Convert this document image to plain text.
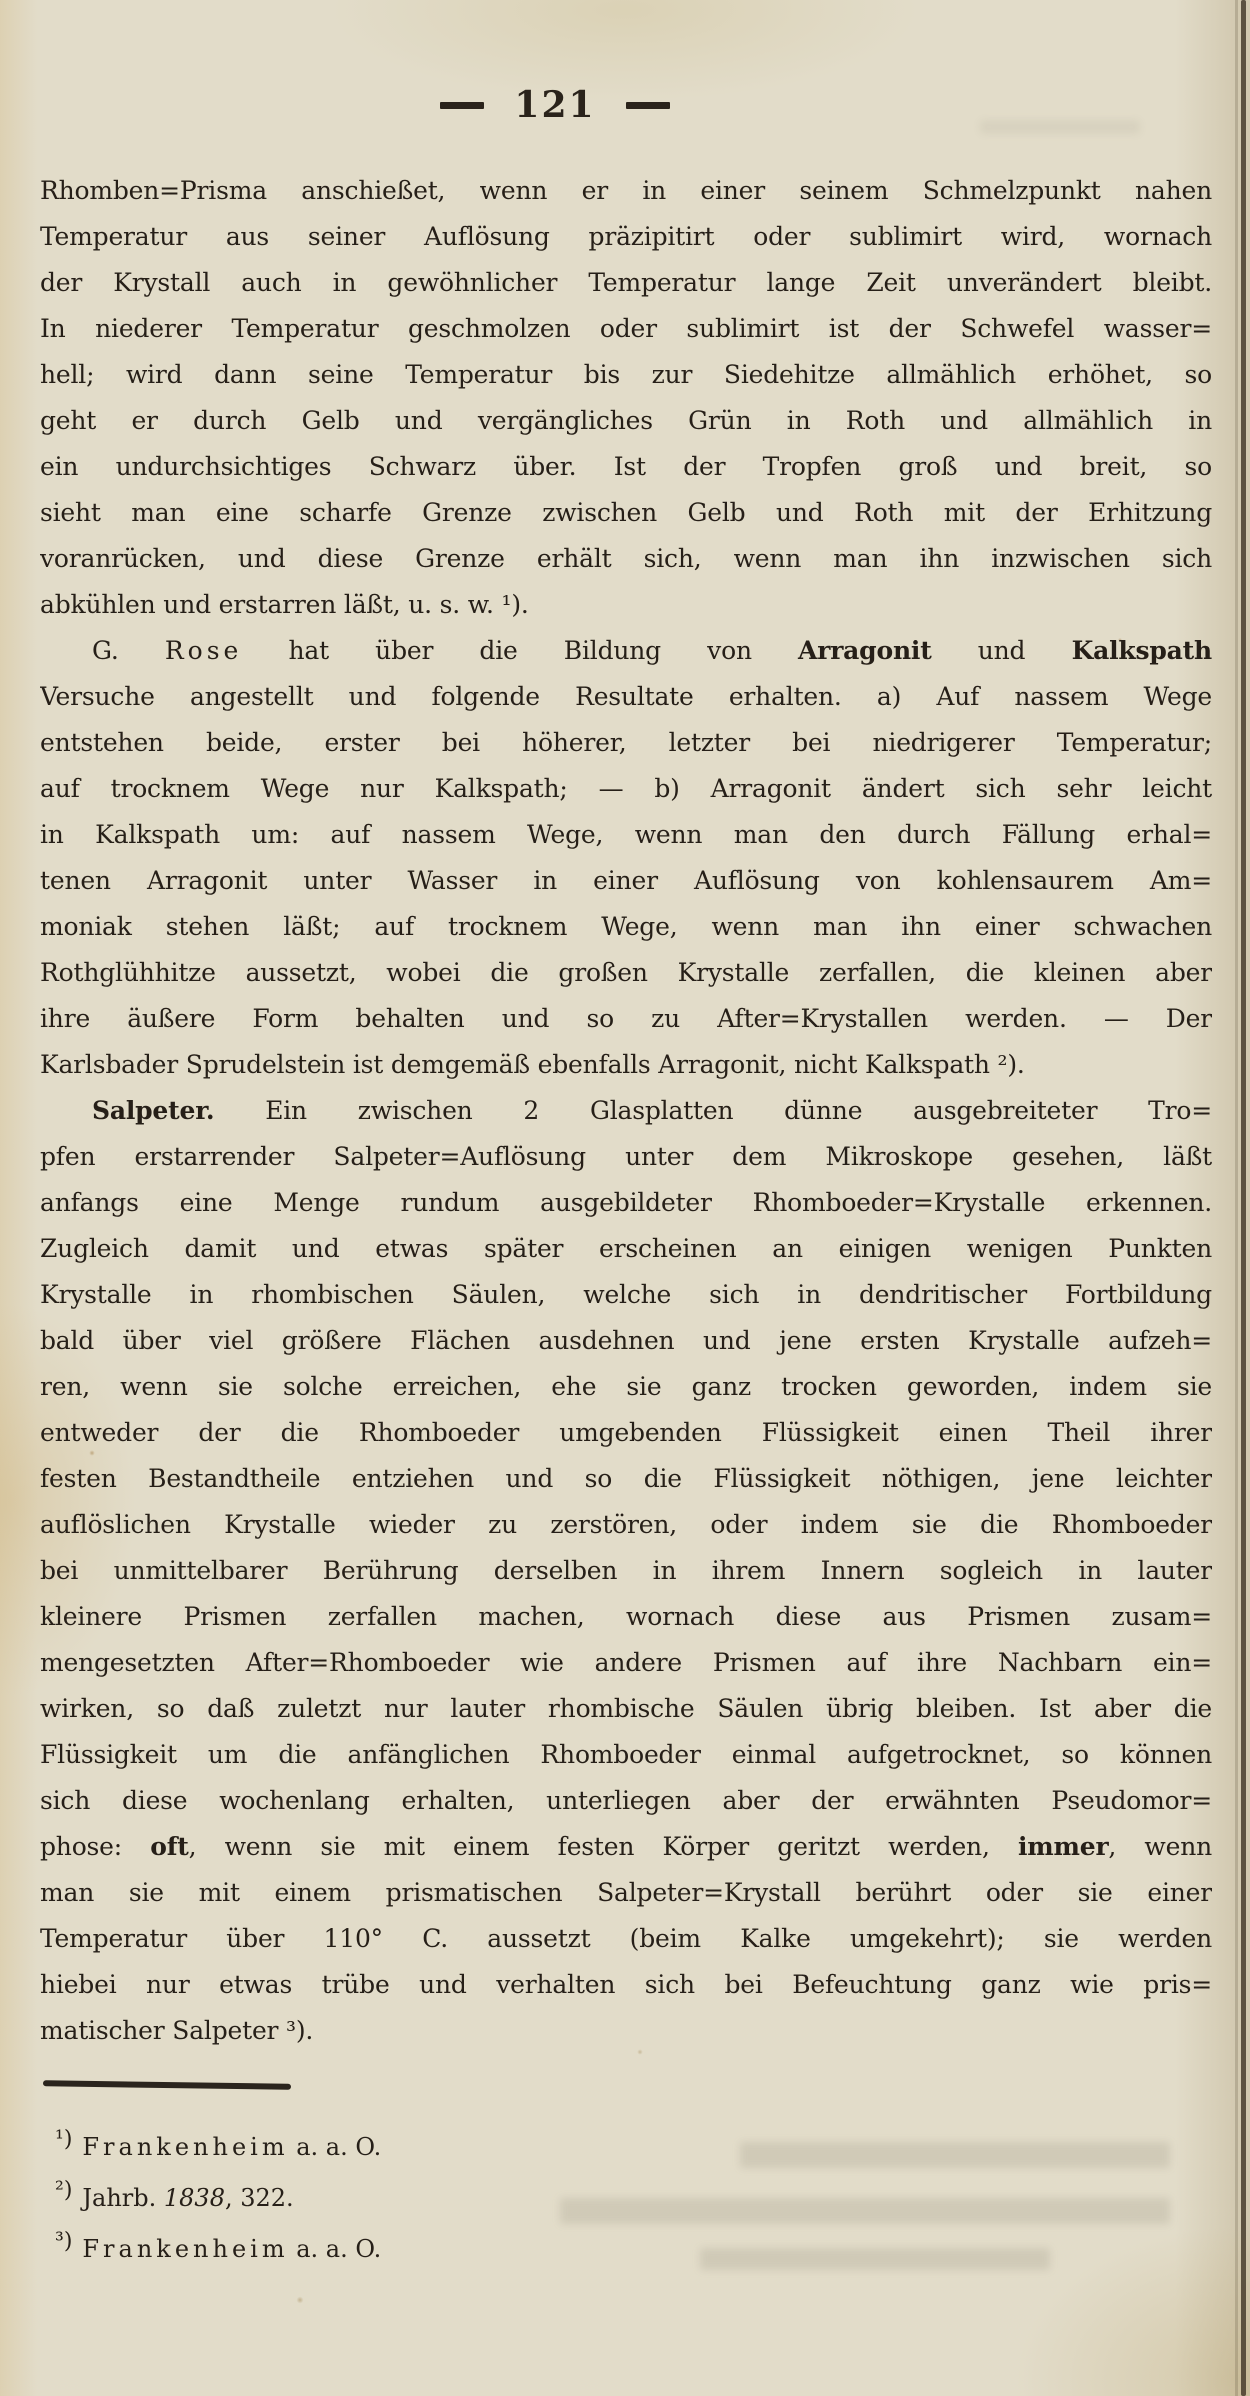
121
Rhomben=Prisma anschießet, wenn er in einer seinem Schmelzpunkt nahen
Temperatur aus seiner Auflösung präzipitirt oder sublimirt wird, wornach
der Krystall auch in gewöhnlicher Temperatur lange Zeit unverändert bleibt.
In niederer Temperatur geschmolzen oder sublimirt ist der Schwefel wasser=
hell; wird dann seine Temperatur bis zur Siedehitze allmählich erhöhet, so
geht er durch Gelb und vergängliches Grün in Roth und allmählich in
ein undurchsichtiges Schwarz über. Ist der Tropfen groß und breit, so
sieht man eine scharfe Grenze zwischen Gelb und Roth mit der Erhitzung
voranrücken, und diese Grenze erhält sich, wenn man ihn inzwischen sich
abkühlen und erstarren läßt, u. s. w. ¹).
G. Rose hat über die Bildung von Arragonit und Kalkspath
Versuche angestellt und folgende Resultate erhalten. a) Auf nassem Wege
entstehen beide, erster bei höherer, letzter bei niedrigerer Temperatur;
auf trocknem Wege nur Kalkspath; — b) Arragonit ändert sich sehr leicht
in Kalkspath um: auf nassem Wege, wenn man den durch Fällung erhal=
tenen Arragonit unter Wasser in einer Auflösung von kohlensaurem Am=
moniak stehen läßt; auf trocknem Wege, wenn man ihn einer schwachen
Rothglühhitze aussetzt, wobei die großen Krystalle zerfallen, die kleinen aber
ihre äußere Form behalten und so zu After=Krystallen werden. — Der
Karlsbader Sprudelstein ist demgemäß ebenfalls Arragonit, nicht Kalkspath ²).
Salpeter. Ein zwischen 2 Glasplatten dünne ausgebreiteter Tro=
pfen erstarrender Salpeter=Auflösung unter dem Mikroskope gesehen, läßt
anfangs eine Menge rundum ausgebildeter Rhomboeder=Krystalle erkennen.
Zugleich damit und etwas später erscheinen an einigen wenigen Punkten
Krystalle in rhombischen Säulen, welche sich in dendritischer Fortbildung
bald über viel größere Flächen ausdehnen und jene ersten Krystalle aufzeh=
ren, wenn sie solche erreichen, ehe sie ganz trocken geworden, indem sie
entweder der die Rhomboeder umgebenden Flüssigkeit einen Theil ihrer
festen Bestandtheile entziehen und so die Flüssigkeit nöthigen, jene leichter
auflöslichen Krystalle wieder zu zerstören, oder indem sie die Rhomboeder
bei unmittelbarer Berührung derselben in ihrem Innern sogleich in lauter
kleinere Prismen zerfallen machen, wornach diese aus Prismen zusam=
mengesetzten After=Rhomboeder wie andere Prismen auf ihre Nachbarn ein=
wirken, so daß zuletzt nur lauter rhombische Säulen übrig bleiben. Ist aber die
Flüssigkeit um die anfänglichen Rhomboeder einmal aufgetrocknet, so können
sich diese wochenlang erhalten, unterliegen aber der erwähnten Pseudomor=
phose: oft, wenn sie mit einem festen Körper geritzt werden, immer, wenn
man sie mit einem prismatischen Salpeter=Krystall berührt oder sie einer
Temperatur über 110° C. aussetzt (beim Kalke umgekehrt); sie werden
hiebei nur etwas trübe und verhalten sich bei Befeuchtung ganz wie pris=
matischer Salpeter ³).
$^{^1)}$ Frankenheim a. a. O.
$^{^2)}$ Jahrb. 1838, 322.
$^{^3)}$ Frankenheim a. a. O.
